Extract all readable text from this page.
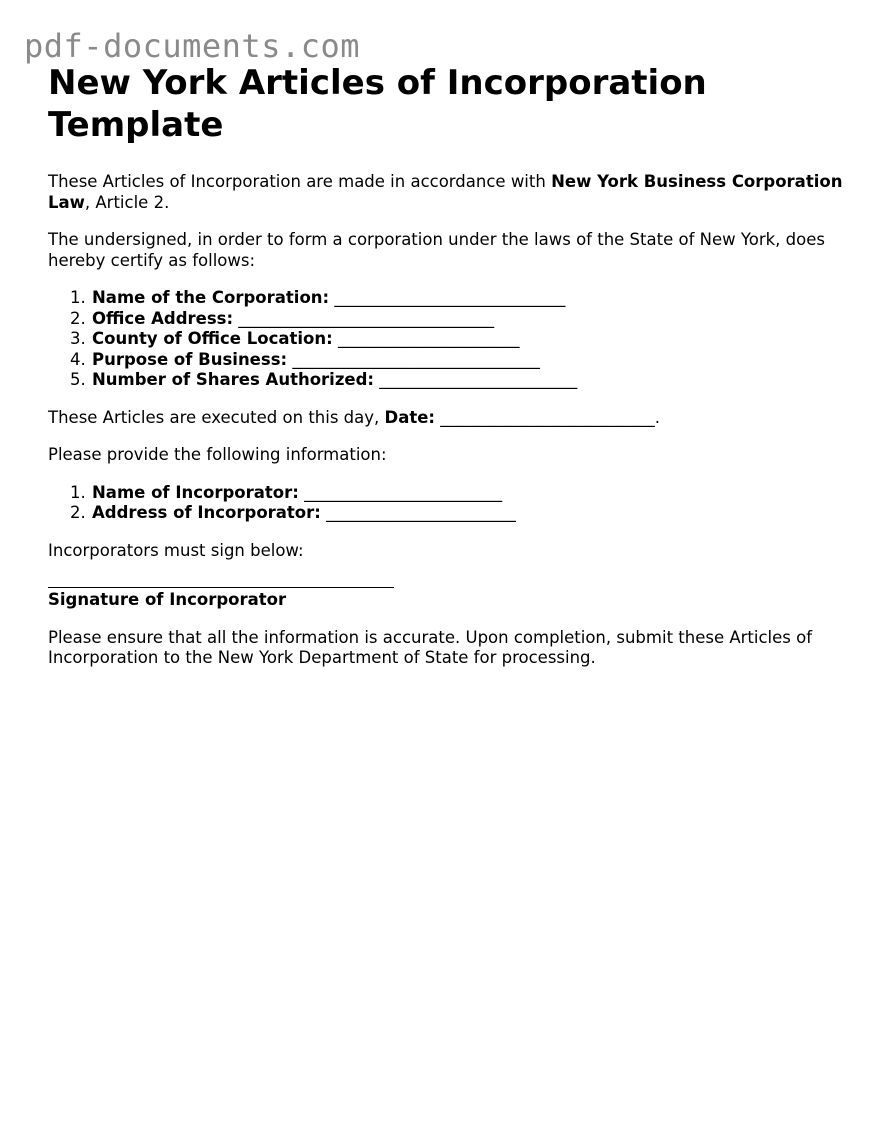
pdf-documents.com
New York Articles of Incorporation Template

These Articles of Incorporation are made in accordance with New York Business Corporation Law, Article 2.

The undersigned, in order to form a corporation under the laws of the State of New York, does hereby certify as follows:

1. Name of the Corporation: ____________________________
2. Office Address: _______________________________
3. County of Office Location: ______________________
4. Purpose of Business: ______________________________
5. Number of Shares Authorized: ________________________

These Articles are executed on this day, Date: __________________________.

Please provide the following information:

1. Name of Incorporator: ________________________
2. Address of Incorporator: _______________________

Incorporators must sign below:

Signature of Incorporator

Please ensure that all the information is accurate. Upon completion, submit these Articles of Incorporation to the New York Department of State for processing.
